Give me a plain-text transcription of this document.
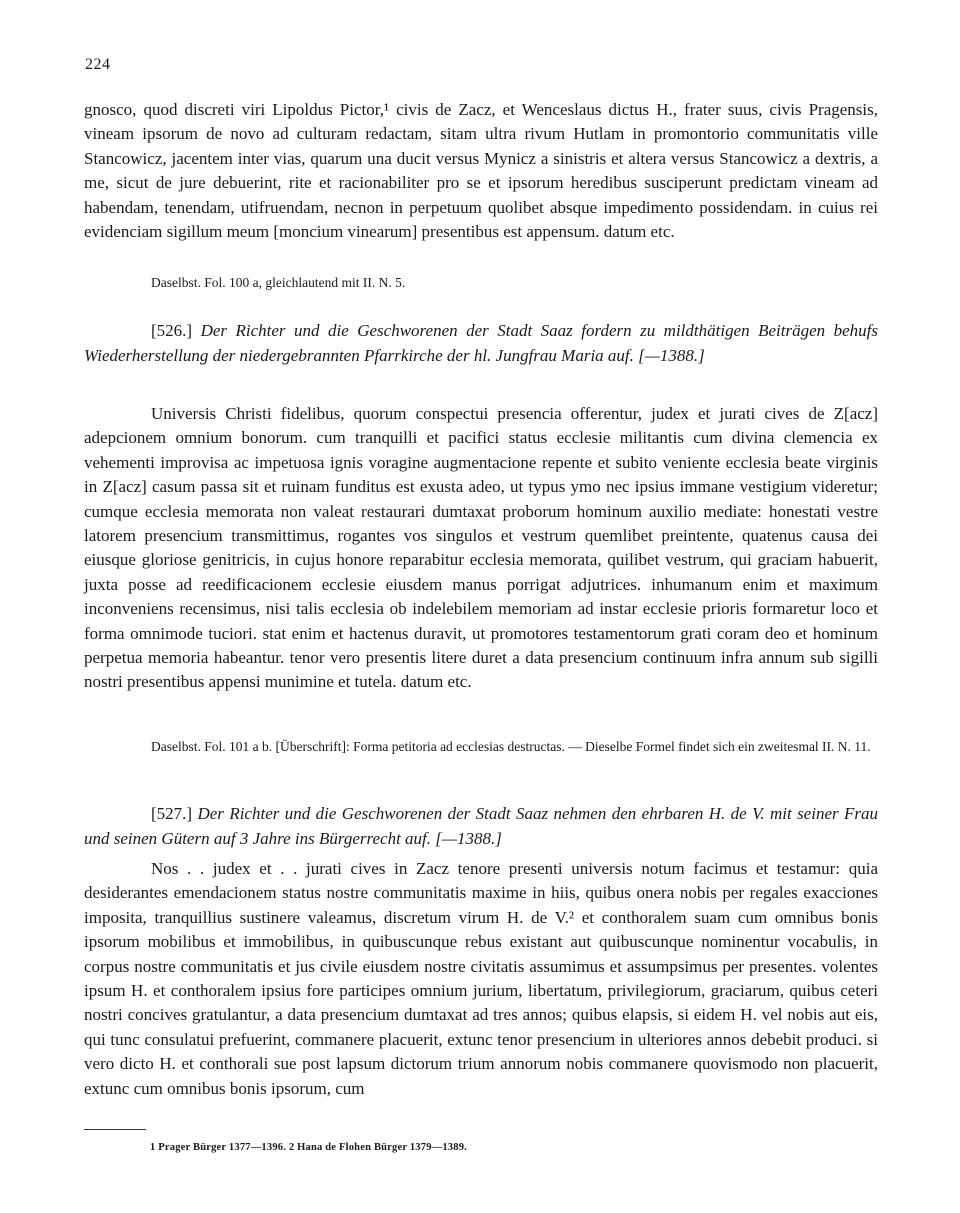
224

gnosco, quod discreti viri Lipoldus Pictor,¹ civis de Zacz, et Wenceslaus dictus H., frater suus, civis Pragensis, vineam ipsorum de novo ad culturam redactam, sitam ultra rivum Hutlam in promontorio communitatis ville Stancowicz, jacentem inter vias, quarum una ducit versus Mynicz a sinistris et altera versus Stancowicz a dextris, a me, sicut de jure debuerint, rite et racionabiliter pro se et ipsorum heredibus susciperunt predictam vineam ad habendam, tenendam, utifruendam, necnon in perpetuum quolibet absque impedimento possidendam. in cuius rei evidenciam sigillum meum [moncium vinearum] presentibus est appensum. datum etc.

Daselbst. Fol. 100 a, gleichlautend mit II. N. 5.

[526.] Der Richter und die Geschworenen der Stadt Saaz fordern zu mildthätigen Beiträgen behufs Wiederherstellung der niedergebrannten Pfarrkirche der hl. Jungfrau Maria auf. [—1388.]

Universis Christi fidelibus, quorum conspectui presencia offerentur, judex et jurati cives de Z[acz] adepcionem omnium bonorum. cum tranquilli et pacifici status ecclesie militantis cum divina clemencia ex vehementi improvisa ac impetuosa ignis voragine augmentacione repente et subito veniente ecclesia beate virginis in Z[acz] casum passa sit et ruinam funditus est exusta adeo, ut typus ymo nec ipsius immane vestigium videretur; cumque ecclesia memorata non valeat restaurari dumtaxat proborum hominum auxilio mediate: honestati vestre latorem presencium transmittimus, rogantes vos singulos et vestrum quemlibet preintente, quatenus causa dei eiusque gloriose genitricis, in cujus honore reparabitur ecclesia memorata, quilibet vestrum, qui graciam habuerit, juxta posse ad reedificacionem ecclesie eiusdem manus porrigat adjutrices. inhumanum enim et maximum inconveniens recensimus, nisi talis ecclesia ob indelebilem memoriam ad instar ecclesie prioris formaretur loco et forma omnimode tuciori. stat enim et hactenus duravit, ut promotores testamentorum grati coram deo et hominum perpetua memoria habeantur. tenor vero presentis litere duret a data presencium continuum infra annum sub sigilli nostri presentibus appensi munimine et tutela. datum etc.

Daselbst. Fol. 101 a b. [Überschrift]: Forma petitoria ad ecclesias destructas. — Dieselbe Formel findet sich ein zweitesmal II. N. 11.

[527.] Der Richter und die Geschworenen der Stadt Saaz nehmen den ehrbaren H. de V. mit seiner Frau und seinen Gütern auf 3 Jahre ins Bürgerrecht auf. [—1388.]

Nos . . judex et . . jurati cives in Zacz tenore presenti universis notum facimus et testamur: quia desiderantes emendacionem status nostre communitatis maxime in hiis, quibus onera nobis per regales exacciones imposita, tranquillius sustinere valeamus, discretum virum H. de V.² et conthoralem suam cum omnibus bonis ipsorum mobilibus et immobilibus, in quibuscunque rebus existant aut quibuscunque nominentur vocabulis, in corpus nostre communitatis et jus civile eiusdem nostre civitatis assumimus et assumpsimus per presentes. volentes ipsum H. et conthoralem ipsius fore participes omnium jurium, libertatum, privilegiorum, graciarum, quibus ceteri nostri concives gratulantur, a data presencium dumtaxat ad tres annos; quibus elapsis, si eidem H. vel nobis aut eis, qui tunc consulatui prefuerint, commanere placuerit, extunc tenor presencium in ulteriores annos debebit produci. si vero dicto H. et conthorali sue post lapsum dictorum trium annorum nobis commanere quovismodo non placuerit, extunc cum omnibus bonis ipsorum, cum

1 Prager Bürger 1377—1396. 2 Hana de Flohen Bürger 1379—1389.
